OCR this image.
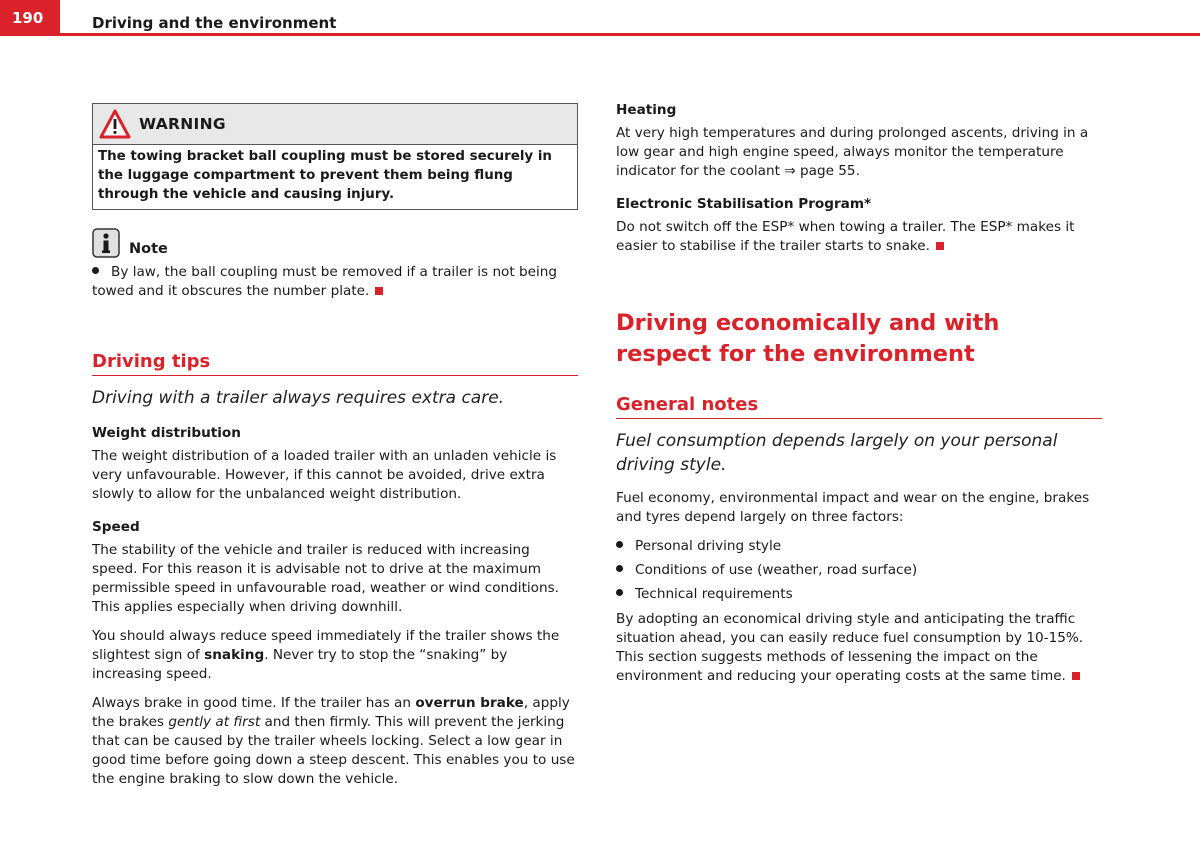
190	Driving and the environment
WARNING
The towing bracket ball coupling must be stored securely in the luggage compartment to prevent them being flung through the vehicle and causing injury.
Note

By law, the ball coupling must be removed if a trailer is not being towed and it obscures the number plate.

Driving tips
Driving with a trailer always requires extra care.
Weight distribution

The weight distribution of a loaded trailer with an unladen vehicle is very unfavourable. However, if this cannot be avoided, drive extra slowly to allow for the unbalanced weight distribution.

Speed

The stability of the vehicle and trailer is reduced with increasing speed. For this reason it is advisable not to drive at the maximum permissible speed in unfavourable road, weather or wind conditions. This applies especially when driving downhill.

You should always reduce speed immediately if the trailer shows the slightest sign of snaking. Never try to stop the “snaking” by increasing speed.

Always brake in good time. If the trailer has an overrun brake, apply the brakes gently at first and then firmly. This will prevent the jerking that can be caused by the trailer wheels locking. Select a low gear in good time before going down a steep descent. This enables you to use the engine braking to slow down the vehicle.

Heating

At very high temperatures and during prolonged ascents, driving in a low gear and high engine speed, always monitor the temperature indicator for the coolant ⇒ page 55.

Electronic Stabilisation Program*

Do not switch off the ESP* when towing a trailer. The ESP* makes it easier to stabilise if the trailer starts to snake.

Driving economically and with respect for the environment
General notes
Fuel consumption depends largely on your personal driving style.

Fuel economy, environmental impact and wear on the engine, brakes and tyres depend largely on three factors:

Personal driving style
Conditions of use (weather, road surface)
Technical requirements

By adopting an economical driving style and anticipating the traffic situation ahead, you can easily reduce fuel consumption by 10-15%. This section suggests methods of lessening the impact on the environment and reducing your operating costs at the same time.
